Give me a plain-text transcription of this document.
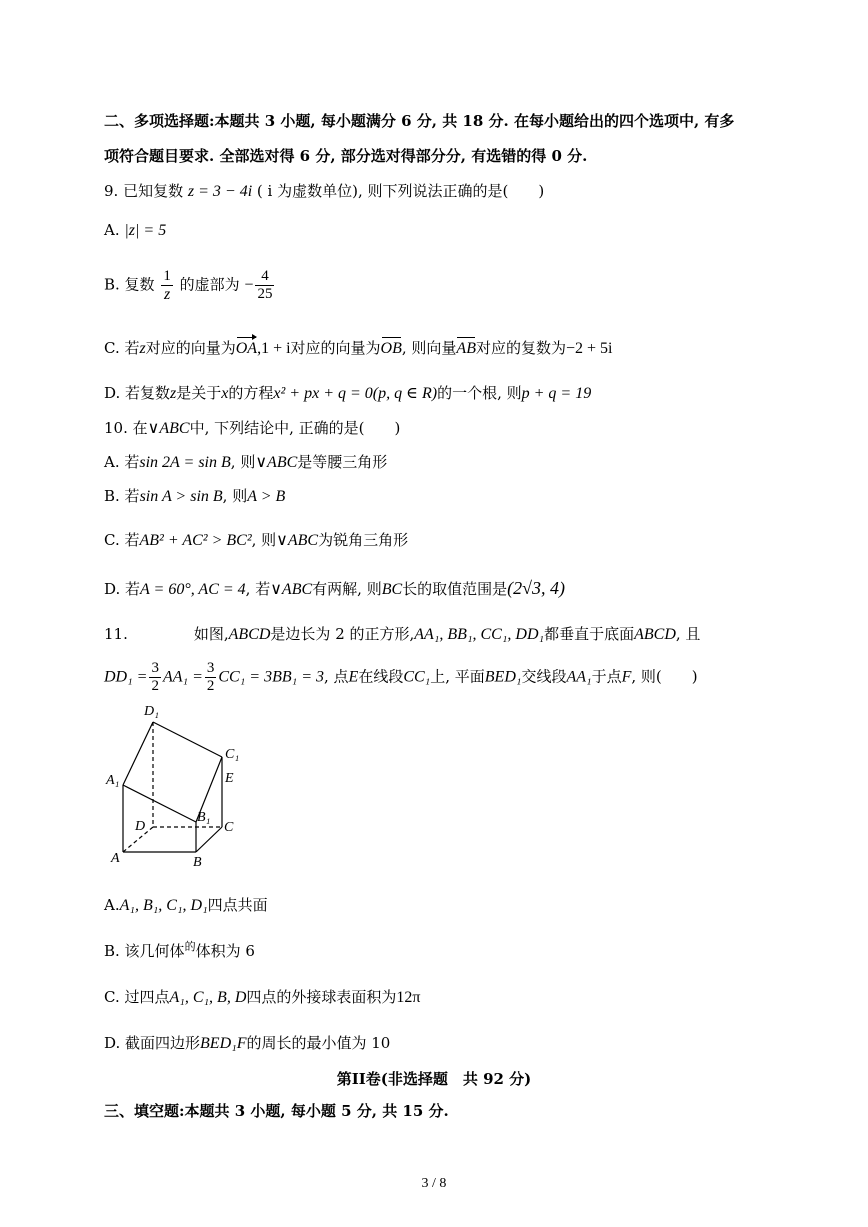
二、多项选择题:本题共 3 小题, 每小题满分 6 分, 共 18 分. 在每小题给出的四个选项中, 有多
项符合题目要求. 全部选对得 6 分, 部分选对得部分分, 有选错的得 0 分.
9. 已知复数 z = 3 − 4i ( i 为虚数单位), 则下列说法正确的是(　　)
A. |z| = 5
B. 复数 $\frac{1}{z}$ 的虚部为 − $\frac{4}{25}$
C. 若z对应的向量为OA,1 + i对应的向量为OB, 则向量AB对应的复数为−2 + 5i
D. 若复数z是关于x的方程x² + px + q = 0(p, q ∈ R)的一个根, 则p + q = 19
10. 在∨ABC中, 下列结论中, 正确的是(　　)
A. 若sin 2A = sin B, 则∨ABC是等腰三角形
B. 若sin A > sin B, 则A > B
C. 若AB² + AC² > BC², 则∨ABC为锐角三角形
D. 若A = 60°, AC = 4, 若∨ABC有两解, 则BC长的取值范围是(2√3, 4)
11.	如图,ABCD是边长为 2 的正方形,AA₁, BB₁, CC₁, DD₁都垂直于底面ABCD, 且
$DD_1 = \frac{3}{2} AA_1 = \frac{3}{2} CC_1 = 3BB_1 = 3$, 点E在线段CC₁上, 平面BED₁交线段AA₁于点F, 则(　　)
D₁
C₁
A₁	E
B₁
D	C
A	B
A.A₁, B₁, C₁, D₁四点共面
B. 该几何体$^的$体积为 6
C. 过四点A₁, C₁, B, D四点的外接球表面积为12π
D. 截面四边形BED₁F的周长的最小值为 10
第II卷(非选择题　共 92 分)
三、填空题:本题共 3 小题, 每小题 5 分, 共 15 分.
3 / 8
